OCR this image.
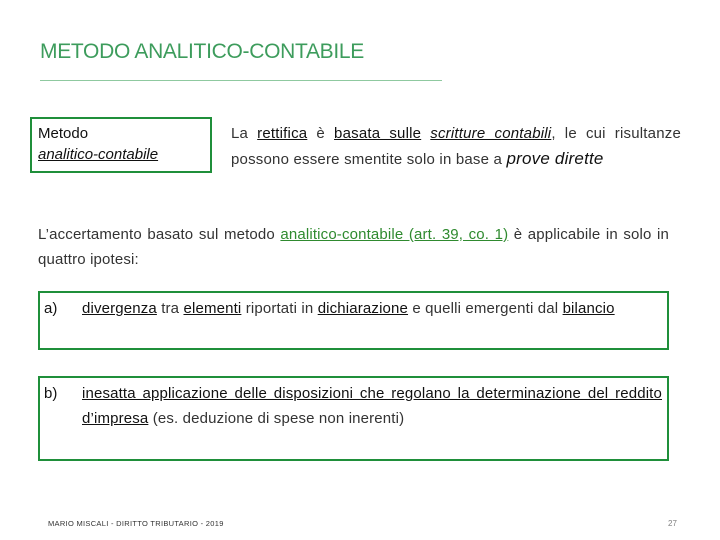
METODO ANALITICO-CONTABILE
Metodo
analitico-contabile
La rettifica è basata sulle scritture contabili, le cui risultanze possono essere smentite solo in base a prove dirette
L’accertamento basato sul metodo analitico-contabile (art. 39, co. 1) è applicabile in solo in quattro ipotesi:
a)	divergenza tra elementi riportati in dichiarazione e quelli emergenti dal bilancio
b)	inesatta applicazione delle disposizioni che regolano la determinazione del reddito d’impresa (es. deduzione di spese non inerenti)
MARIO MISCALI - DIRITTO TRIBUTARIO - 2019	27
